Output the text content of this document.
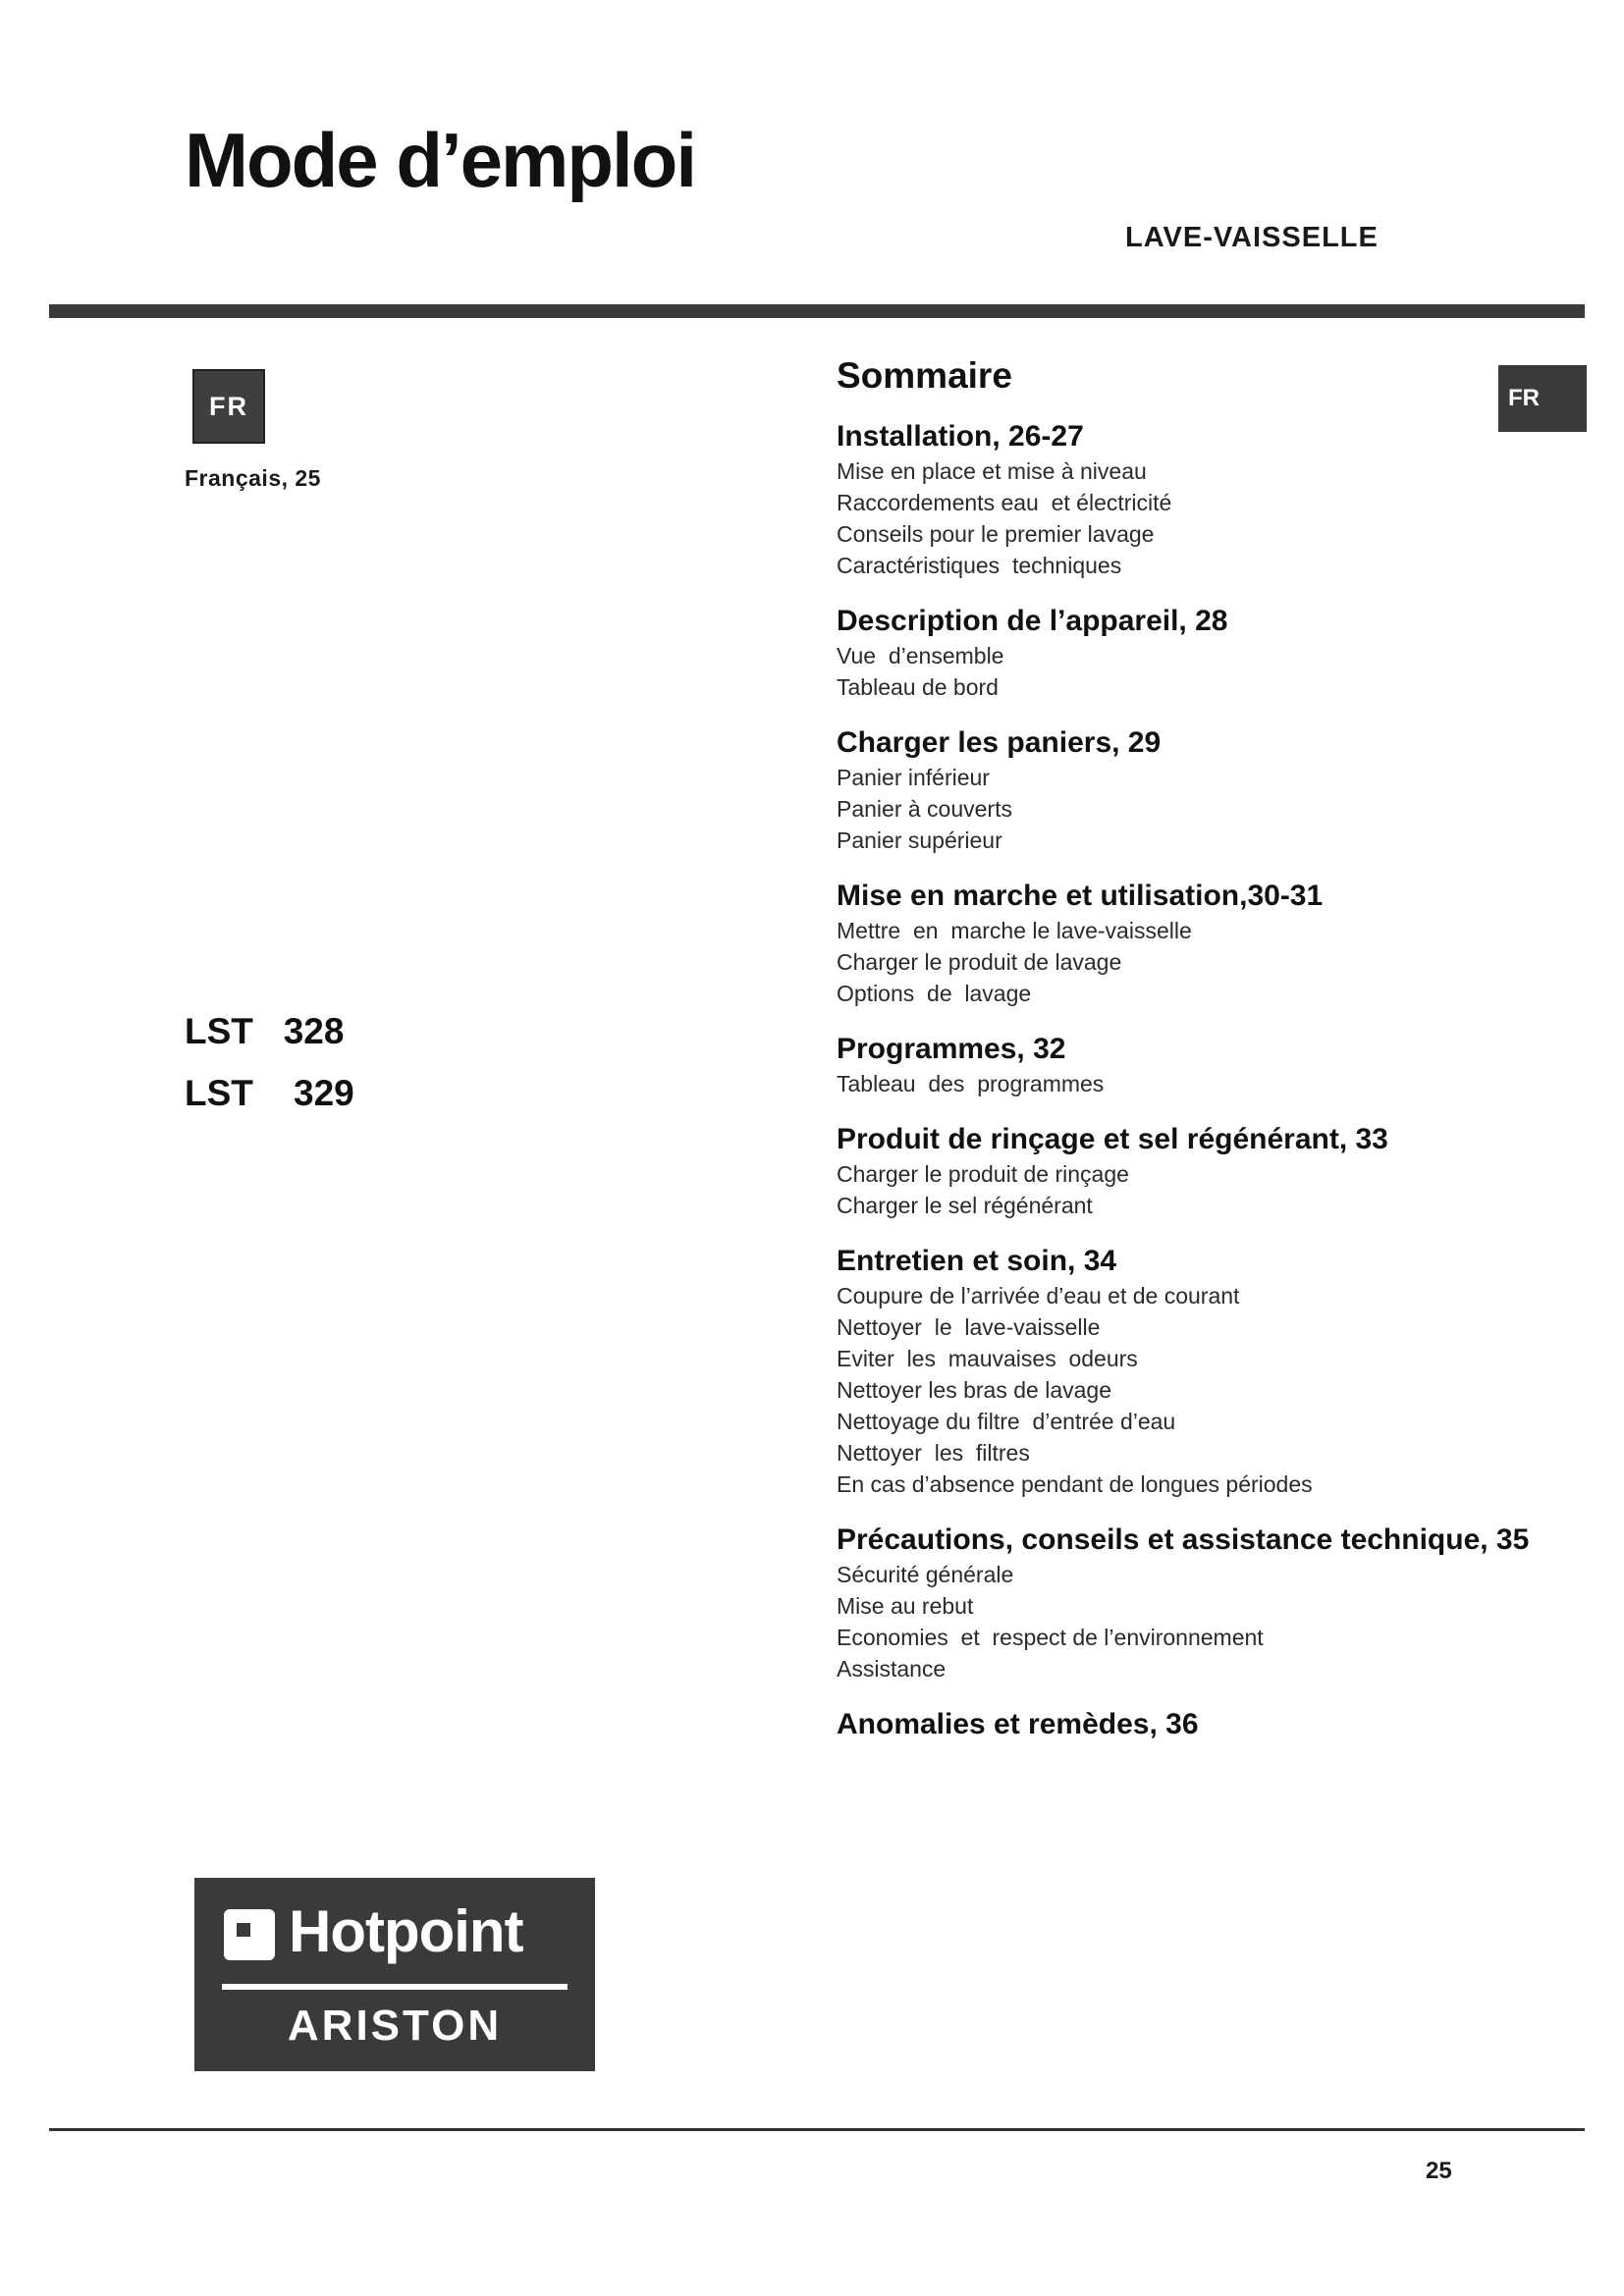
Mode d’emploi
LAVE-VAISSELLE
FR
Français, 25
FR
LST   328
LST    329
Sommaire
Installation, 26-27
Mise en place et mise à niveau
Raccordements eau  et électricité
Conseils pour le premier lavage
Caractéristiques  techniques
Description de l’appareil, 28
Vue  d’ensemble
Tableau de bord
Charger les paniers, 29
Panier inférieur
Panier à couverts
Panier supérieur
Mise en marche et utilisation,30-31
Mettre  en  marche le lave-vaisselle
Charger le produit de lavage
Options  de  lavage
Programmes, 32
Tableau  des  programmes
Produit de rinçage et sel régénérant, 33
Charger le produit de rinçage
Charger le sel régénérant
Entretien et soin, 34
Coupure de l’arrivée d’eau et de courant
Nettoyer  le  lave-vaisselle
Eviter  les  mauvaises  odeurs
Nettoyer les bras de lavage
Nettoyage du filtre  d’entrée d’eau
Nettoyer  les  filtres
En cas d’absence pendant de longues périodes
Précautions, conseils et assistance technique, 35
Sécurité générale
Mise au rebut
Economies  et  respect de l’environnement
Assistance
Anomalies et remèdes, 36
Hotpoint
ARISTON
25
